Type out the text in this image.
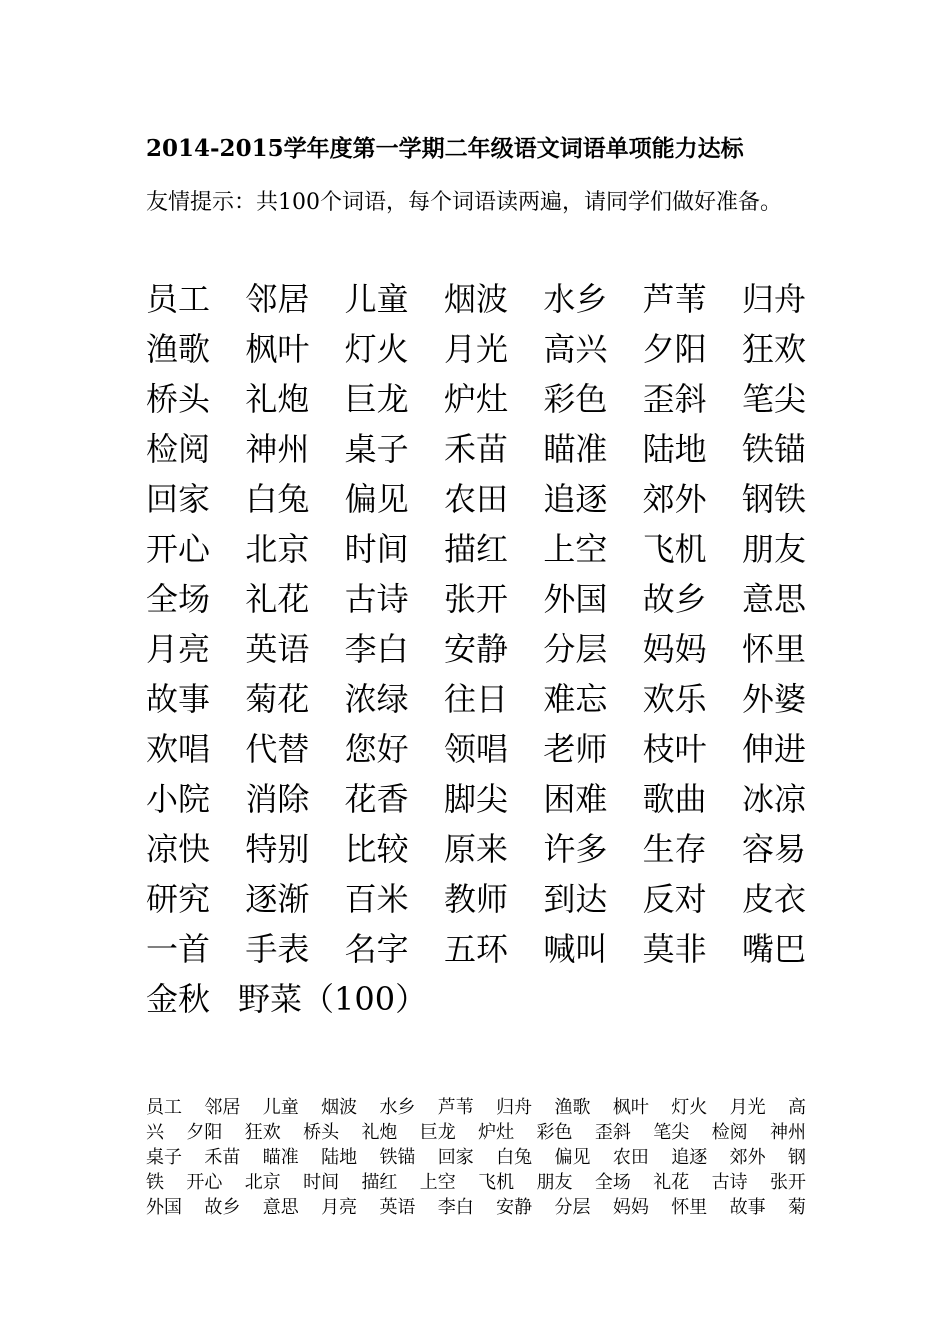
2014-2015学年度第一学期二年级语文词语单项能力达标
友情提示：共100个词语，每个词语读两遍，请同学们做好准备。
员工 邻居 儿童 烟波 水乡 芦苇 归舟
渔歌 枫叶 灯火 月光 高兴 夕阳 狂欢
桥头 礼炮 巨龙 炉灶 彩色 歪斜 笔尖
检阅 神州 桌子 禾苗 瞄准 陆地 铁锚
回家 白兔 偏见 农田 追逐 郊外 钢铁
开心 北京 时间 描红 上空 飞机 朋友
全场 礼花 古诗 张开 外国 故乡 意思
月亮 英语 李白 安静 分层 妈妈 怀里
故事 菊花 浓绿 往日 难忘 欢乐 外婆
欢唱 代替 您好 领唱 老师 枝叶 伸进
小院 消除 花香 脚尖 困难 歌曲 冰凉
凉快 特别 比较 原来 许多 生存 容易
研究 逐渐 百米 教师 到达 反对 皮衣
一首 手表 名字 五环 喊叫 莫非 嘴巴
金秋 野菜（100）
员工 邻居 儿童 烟波 水乡 芦苇 归舟 渔歌 枫叶 灯火 月光 高
兴 夕阳 狂欢 桥头 礼炮 巨龙 炉灶 彩色 歪斜 笔尖 检阅 神州
桌子 禾苗 瞄准 陆地 铁锚 回家 白兔 偏见 农田 追逐 郊外 钢
铁 开心 北京 时间 描红 上空 飞机 朋友 全场 礼花 古诗 张开
外国 故乡 意思 月亮 英语 李白 安静 分层 妈妈 怀里 故事 菊
